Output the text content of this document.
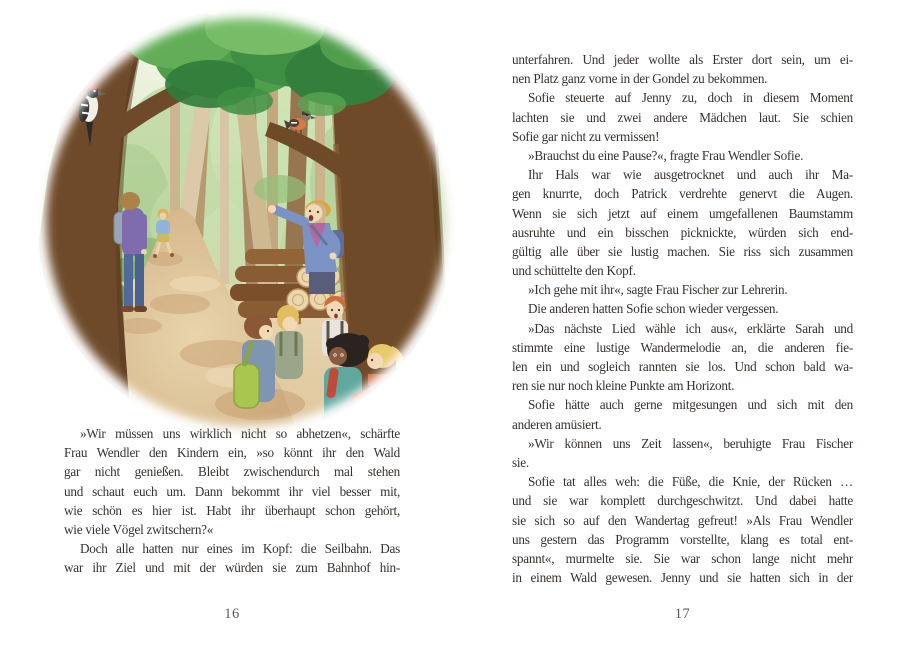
»Wir müssen uns wirklich nicht so abhetzen«, schärfte
Frau Wendler den Kindern ein, »so könnt ihr den Wald
gar nicht genießen. Bleibt zwischendurch mal stehen
und schaut euch um. Dann bekommt ihr viel besser mit,
wie schön es hier ist. Habt ihr überhaupt schon gehört,
wie viele Vögel zwitschern?«
Doch alle hatten nur eines im Kopf: die Seilbahn. Das
war ihr Ziel und mit der würden sie zum Bahnhof hin-
16
unterfahren. Und jeder wollte als Erster dort sein, um ei-
nen Platz ganz vorne in der Gondel zu bekommen.
Sofie steuerte auf Jenny zu, doch in diesem Moment
lachten sie und zwei andere Mädchen laut. Sie schien
Sofie gar nicht zu vermissen!
»Brauchst du eine Pause?«, fragte Frau Wendler Sofie.
Ihr Hals war wie ausgetrocknet und auch ihr Ma-
gen knurrte, doch Patrick verdrehte genervt die Augen.
Wenn sie sich jetzt auf einem umgefallenen Baumstamm
ausruhte und ein bisschen picknickte, würden sich end-
gültig alle über sie lustig machen. Sie riss sich zusammen
und schüttelte den Kopf.
»Ich gehe mit ihr«, sagte Frau Fischer zur Lehrerin.
Die anderen hatten Sofie schon wieder vergessen.
»Das nächste Lied wähle ich aus«, erklärte Sarah und
stimmte eine lustige Wandermelodie an, die anderen fie-
len ein und sogleich rannten sie los. Und schon bald wa-
ren sie nur noch kleine Punkte am Horizont.
Sofie hätte auch gerne mitgesungen und sich mit den
anderen amüsiert.
»Wir können uns Zeit lassen«, beruhigte Frau Fischer
sie.
Sofie tat alles weh: die Füße, die Knie, der Rücken …
und sie war komplett durchgeschwitzt. Und dabei hatte
sie sich so auf den Wandertag gefreut! »Als Frau Wendler
uns gestern das Programm vorstellte, klang es total ent-
spannt«, murmelte sie. Sie war schon lange nicht mehr
in einem Wald gewesen. Jenny und sie hatten sich in der
17
